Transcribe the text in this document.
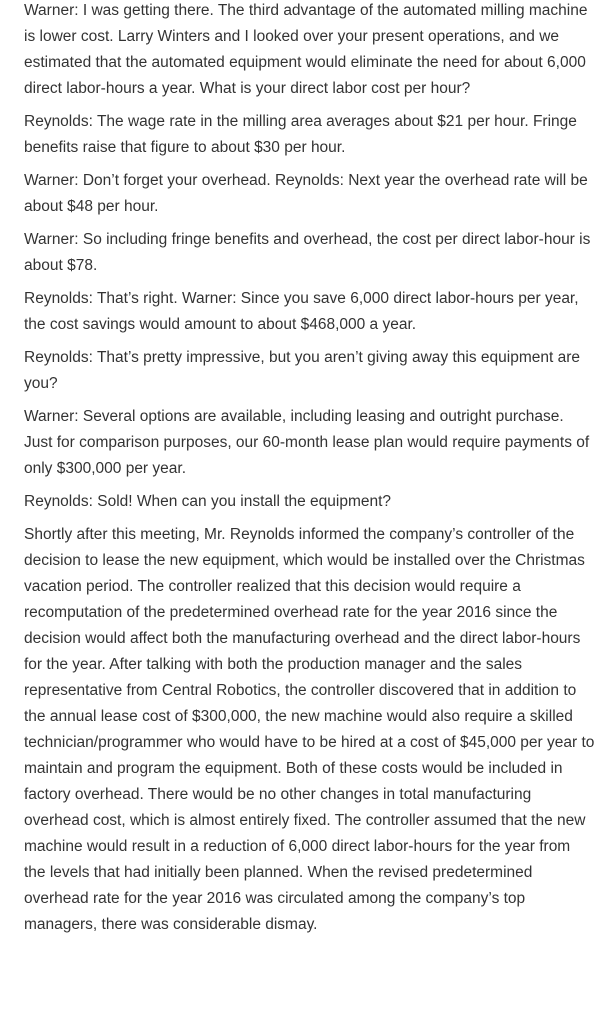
Warner: I was getting there. The third advantage of the automated milling machine is lower cost. Larry Winters and I looked over your present operations, and we estimated that the automated equipment would eliminate the need for about 6,000 direct labor-hours a year. What is your direct labor cost per hour?

Reynolds: The wage rate in the milling area averages about $21 per hour. Fringe benefits raise that figure to about $30 per hour.

Warner: Don’t forget your overhead. Reynolds: Next year the overhead rate will be about $48 per hour.

Warner: So including fringe benefits and overhead, the cost per direct labor-hour is about $78.

Reynolds: That’s right. Warner: Since you save 6,000 direct labor-hours per year, the cost savings would amount to about $468,000 a year.

Reynolds: That’s pretty impressive, but you aren’t giving away this equipment are you?

Warner: Several options are available, including leasing and outright purchase. Just for comparison purposes, our 60-month lease plan would require payments of only $300,000 per year.

Reynolds: Sold! When can you install the equipment?

Shortly after this meeting, Mr. Reynolds informed the company’s controller of the decision to lease the new equipment, which would be installed over the Christmas vacation period. The controller realized that this decision would require a recomputation of the predetermined overhead rate for the year 2016 since the decision would affect both the manufacturing overhead and the direct labor-hours for the year. After talking with both the production manager and the sales representative from Central Robotics, the controller discovered that in addition to the annual lease cost of $300,000, the new machine would also require a skilled technician/programmer who would have to be hired at a cost of $45,000 per year to maintain and program the equipment. Both of these costs would be included in factory overhead. There would be no other changes in total manufacturing overhead cost, which is almost entirely fixed. The controller assumed that the new machine would result in a reduction of 6,000 direct labor-hours for the year from the levels that had initially been planned. When the revised predetermined overhead rate for the year 2016 was circulated among the company’s top managers, there was considerable dismay.
